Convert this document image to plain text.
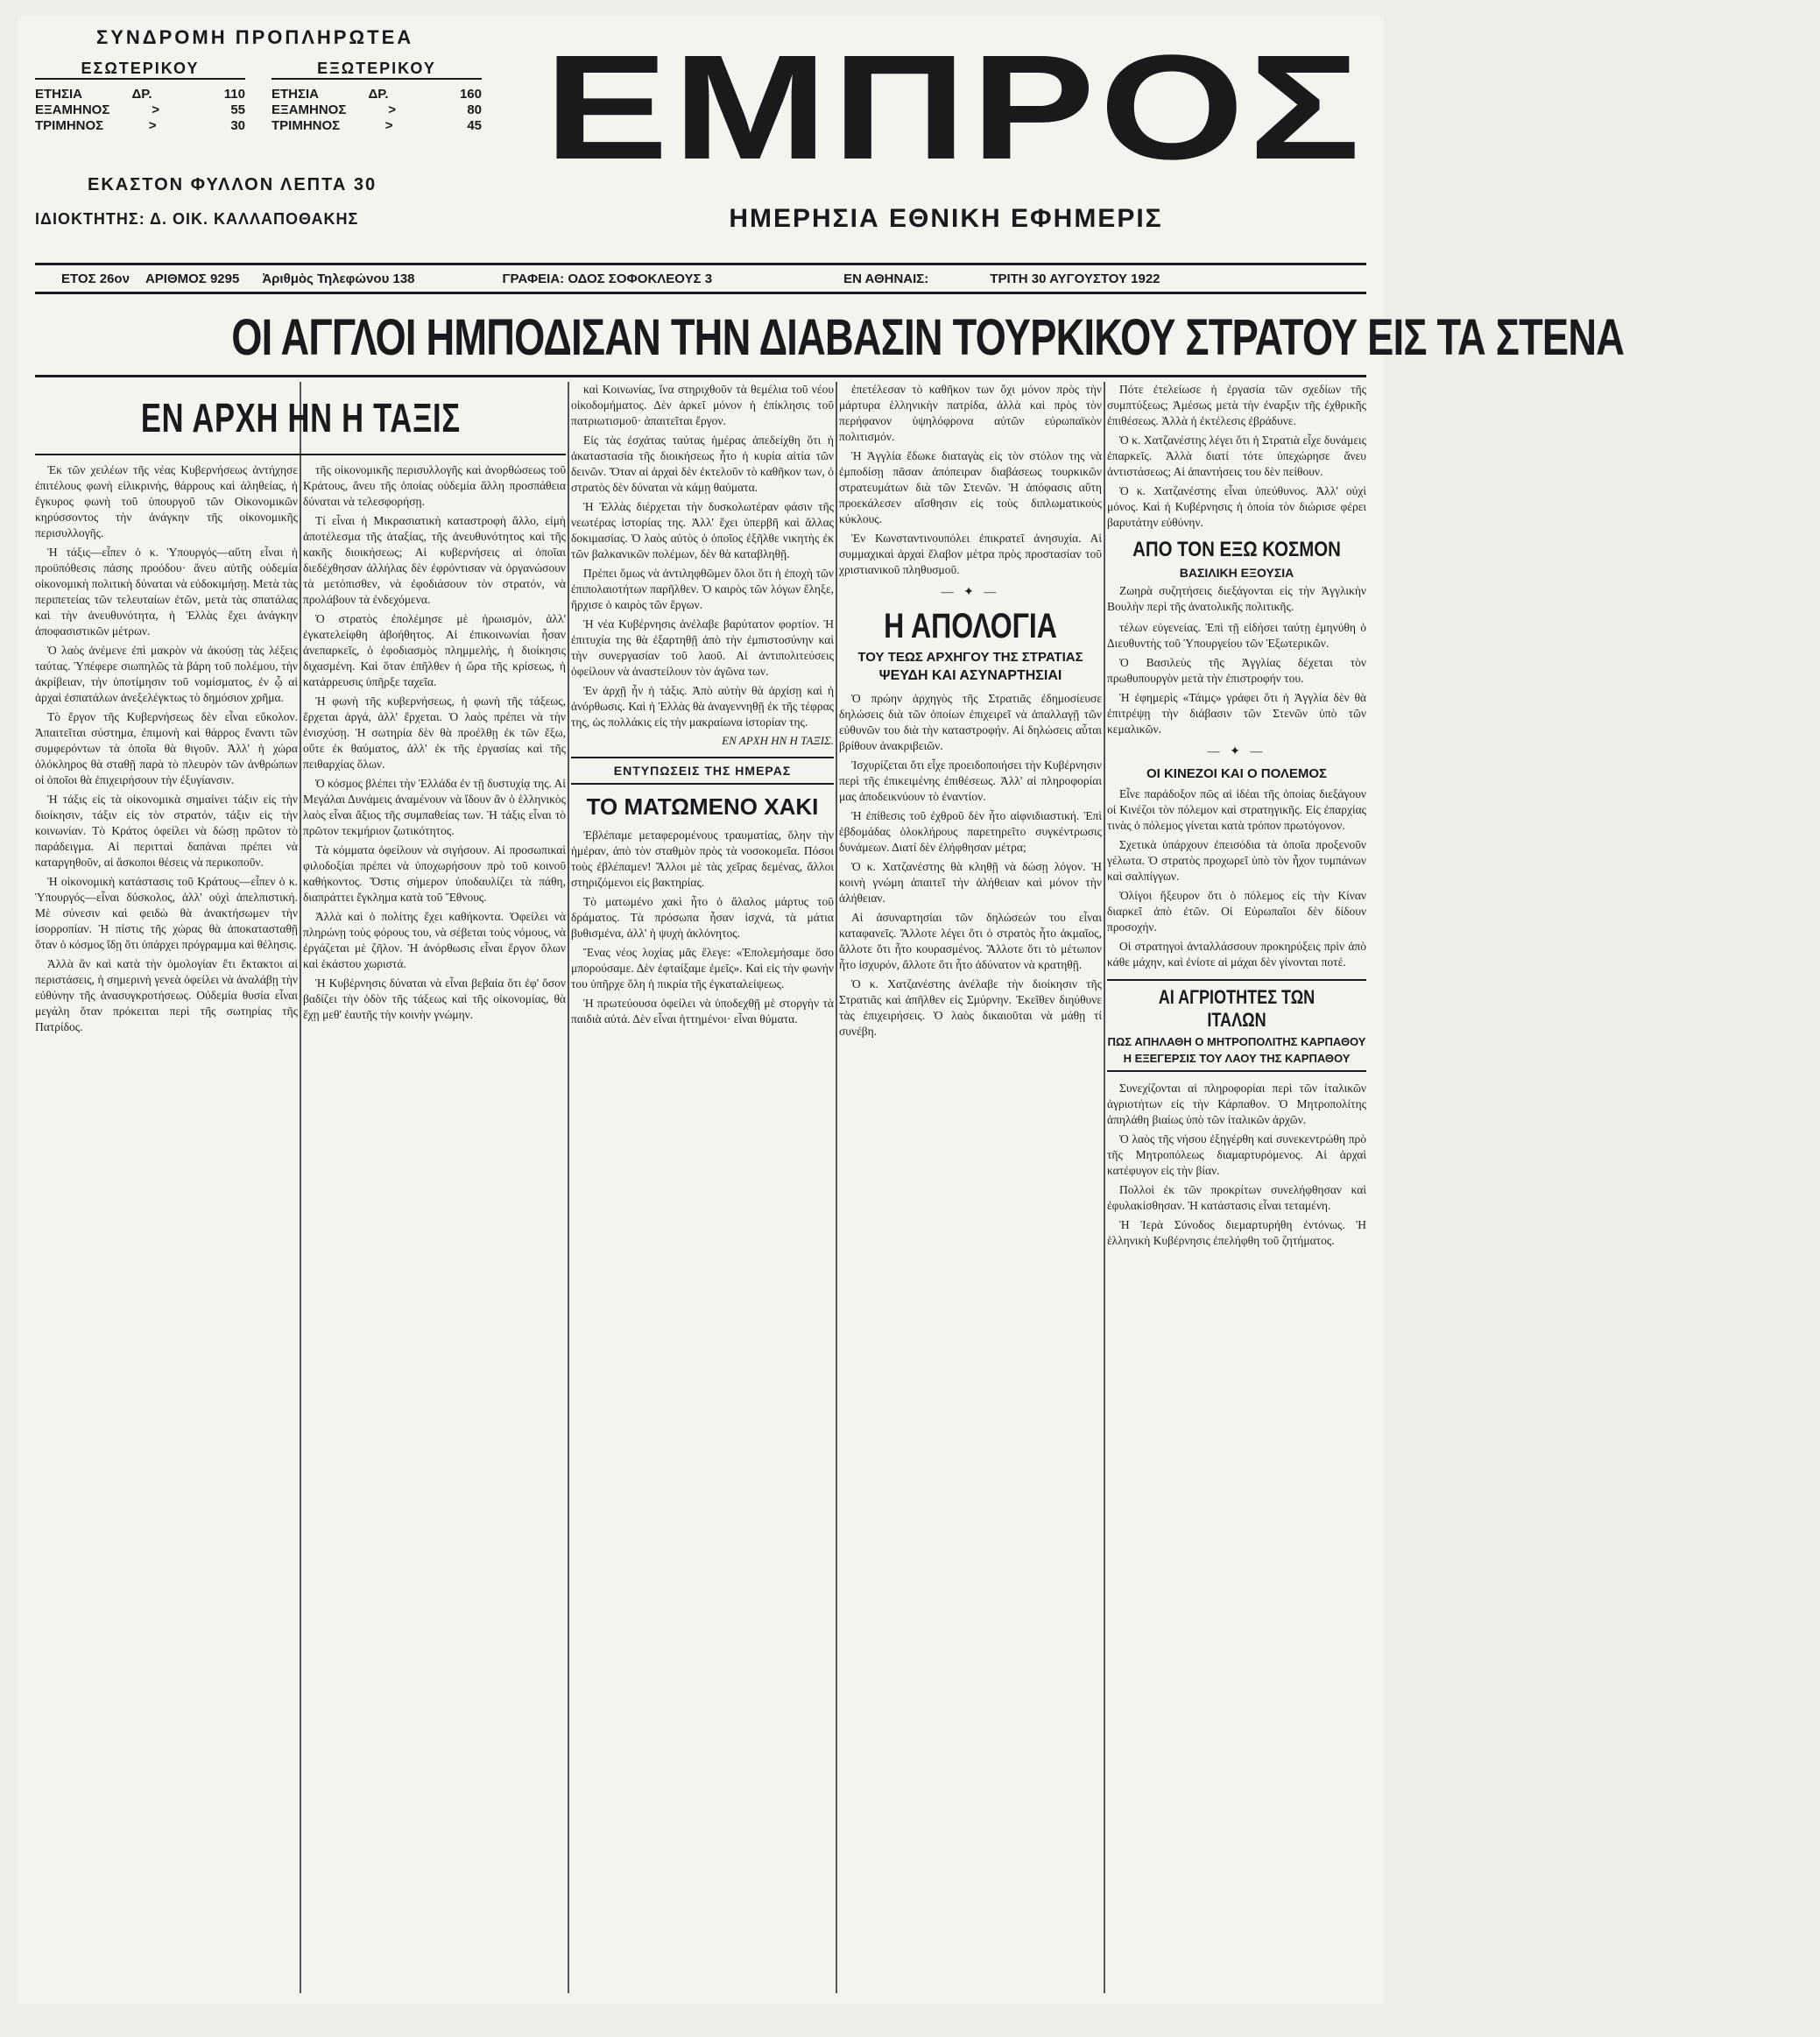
ΣΥΝΔΡΟΜΗ ΠΡΟΠΛΗΡΩΤΕΑ
ΕΣΩΤΕΡΙΚΟΥ
ΕΤΗΣΙΑ	ΔΡ.	110
ΕΞΑΜΗΝΟΣ	>	55
ΤΡΙΜΗΝΟΣ	>	30
ΕΞΩΤΕΡΙΚΟΥ
ΕΤΗΣΙΑ	ΔΡ.	160
ΕΞΑΜΗΝΟΣ	>	80
ΤΡΙΜΗΝΟΣ	>	45
ΕΚΑΣΤΟΝ ΦΥΛΛΟΝ ΛΕΠΤΑ 30
ΙΔΙΟΚΤΗΤΗΣ: Δ. ΟΙΚ. ΚΑΛΛΑΠΟΘΑΚΗΣ
ΕΜΠΡΟΣ
ΗΜΕΡΗΣΙΑ ΕΘΝΙΚΗ ΕΦΗΜΕΡΙΣ
ΕΤΟΣ 26ον ΑΡΙΘΜΟΣ 9295 Ἀριθμὸς Τηλεφώνου 138	ΓΡΑΦΕΙΑ: ΟΔΟΣ ΣΟΦΟΚΛΕΟΥΣ 3	ΕΝ ΑΘΗΝΑΙΣ:	ΤΡΙΤΗ 30 ΑΥΓΟΥΣΤΟΥ 1922
ΟΙ ΑΓΓΛΟΙ ΗΜΠΟΔΙΣΑΝ ΤΗΝ ΔΙΑΒΑΣΙΝ ΤΟΥΡΚΙΚΟΥ ΣΤΡΑΤΟΥ ΕΙΣ ΤΑ ΣΤΕΝΑ
ΕΝ ΑΡΧΗ ΗΝ Η ΤΑΞΙΣ

Ἐκ τῶν χειλέων τῆς νέας Κυβερνήσεως ἀντήχησε ἐπιτέλους φωνὴ εἰλικρινής, θάρρους καὶ ἀληθείας, ἡ ἔγκυρος φωνὴ τοῦ ὑπουργοῦ τῶν Οἰκονομικῶν κηρύσσοντος τὴν ἀνάγκην τῆς οἰκονομικῆς περισυλλογῆς.

Ἡ τάξις—εἶπεν ὁ κ. Ὑπουργός—αὕτη εἶναι ἡ προϋπόθεσις πάσης προόδου· ἄνευ αὐτῆς οὐδεμία οἰκονομικὴ πολιτικὴ δύναται νὰ εὐδοκιμήσῃ. Μετὰ τὰς περιπετείας τῶν τελευταίων ἐτῶν, μετὰ τὰς σπατάλας καὶ τὴν ἀνευθυνότητα, ἡ Ἑλλὰς ἔχει ἀνάγκην ἀποφασιστικῶν μέτρων.

Ὁ λαὸς ἀνέμενε ἐπὶ μακρὸν νὰ ἀκούσῃ τὰς λέξεις ταύτας. Ὑπέφερε σιωπηλῶς τὰ βάρη τοῦ πολέμου, τὴν ἀκρίβειαν, τὴν ὑποτίμησιν τοῦ νομίσματος, ἐν ᾧ αἱ ἀρχαὶ ἐσπατάλων ἀνεξελέγκτως τὸ δημόσιον χρῆμα.

Τὸ ἔργον τῆς Κυβερνήσεως δὲν εἶναι εὔκολον. Ἀπαιτεῖται σύστημα, ἐπιμονὴ καὶ θάρρος ἔναντι τῶν συμφερόντων τὰ ὁποῖα θὰ θιγοῦν. Ἀλλ' ἡ χώρα ὁλόκληρος θὰ σταθῇ παρὰ τὸ πλευρὸν τῶν ἀνθρώπων οἱ ὁποῖοι θὰ ἐπιχειρήσουν τὴν ἐξυγίανσιν.

Ἡ τάξις εἰς τὰ οἰκονομικὰ σημαίνει τάξιν εἰς τὴν διοίκησιν, τάξιν εἰς τὸν στρατόν, τάξιν εἰς τὴν κοινωνίαν. Τὸ Κράτος ὀφείλει νὰ δώσῃ πρῶτον τὸ παράδειγμα. Αἱ περιτταὶ δαπάναι πρέπει νὰ καταργηθοῦν, αἱ ἄσκοποι θέσεις νὰ περικοποῦν.

Ἡ οἰκονομικὴ κατάστασις τοῦ Κράτους—εἶπεν ὁ κ. Ὑπουργός—εἶναι δύσκολος, ἀλλ' οὐχὶ ἀπελπιστική. Μὲ σύνεσιν καὶ φειδὼ θὰ ἀνακτήσωμεν τὴν ἰσορροπίαν. Ἡ πίστις τῆς χώρας θὰ ἀποκατασταθῇ ὅταν ὁ κόσμος ἴδῃ ὅτι ὑπάρχει πρόγραμμα καὶ θέλησις.

Ἀλλὰ ἂν καὶ κατὰ τὴν ὁμολογίαν ἔτι ἔκτακτοι αἱ περιστάσεις, ἡ σημερινὴ γενεὰ ὀφείλει νὰ ἀναλάβῃ τὴν εὐθύνην τῆς ἀνασυγκροτήσεως. Οὐδεμία θυσία εἶναι μεγάλη ὅταν πρόκειται περὶ τῆς σωτηρίας τῆς Πατρίδος.

τῆς οἰκονομικῆς περισυλλογῆς καὶ ἀνορθώσεως τοῦ Κράτους, ἄνευ τῆς ὁποίας οὐδεμία ἄλλη προσπάθεια δύναται νὰ τελεσφορήσῃ.

Τί εἶναι ἡ Μικρασιατικὴ καταστροφὴ ἄλλο, εἰμὴ ἀποτέλεσμα τῆς ἀταξίας, τῆς ἀνευθυνότητος καὶ τῆς κακῆς διοικήσεως; Αἱ κυβερνήσεις αἱ ὁποῖαι διεδέχθησαν ἀλλήλας δὲν ἐφρόντισαν νὰ ὀργανώσουν τὰ μετόπισθεν, νὰ ἐφοδιάσουν τὸν στρατόν, νὰ προλάβουν τὰ ἐνδεχόμενα.

Ὁ στρατὸς ἐπολέμησε μὲ ἡρωισμόν, ἀλλ' ἐγκατελείφθη ἀβοήθητος. Αἱ ἐπικοινωνίαι ἦσαν ἀνεπαρκεῖς, ὁ ἐφοδιασμὸς πλημμελής, ἡ διοίκησις διχασμένη. Καὶ ὅταν ἐπῆλθεν ἡ ὥρα τῆς κρίσεως, ἡ κατάρρευσις ὑπῆρξε ταχεῖα.

Ἡ φωνὴ τῆς κυβερνήσεως, ἡ φωνὴ τῆς τάξεως, ἔρχεται ἀργά, ἀλλ' ἔρχεται. Ὁ λαὸς πρέπει νὰ τὴν ἐνισχύσῃ. Ἡ σωτηρία δὲν θὰ προέλθῃ ἐκ τῶν ἔξω, οὔτε ἐκ θαύματος, ἀλλ' ἐκ τῆς ἐργασίας καὶ τῆς πειθαρχίας ὅλων.

Ὁ κόσμος βλέπει τὴν Ἑλλάδα ἐν τῇ δυστυχίᾳ της. Αἱ Μεγάλαι Δυνάμεις ἀναμένουν νὰ ἴδουν ἂν ὁ ἑλληνικὸς λαὸς εἶναι ἄξιος τῆς συμπαθείας των. Ἡ τάξις εἶναι τὸ πρῶτον τεκμήριον ζωτικότητος.

Τὰ κόμματα ὀφείλουν νὰ σιγήσουν. Αἱ προσωπικαὶ φιλοδοξίαι πρέπει νὰ ὑποχωρήσουν πρὸ τοῦ κοινοῦ καθήκοντος. Ὅστις σήμερον ὑποδαυλίζει τὰ πάθη, διαπράττει ἔγκλημα κατὰ τοῦ Ἔθνους.

Ἀλλὰ καὶ ὁ πολίτης ἔχει καθήκοντα. Ὀφείλει νὰ πληρώνῃ τοὺς φόρους του, νὰ σέβεται τοὺς νόμους, νὰ ἐργάζεται μὲ ζῆλον. Ἡ ἀνόρθωσις εἶναι ἔργον ὅλων καὶ ἑκάστου χωριστά.

Ἡ Κυβέρνησις δύναται νὰ εἶναι βεβαία ὅτι ἐφ' ὅσον βαδίζει τὴν ὁδὸν τῆς τάξεως καὶ τῆς οἰκονομίας, θὰ ἔχῃ μεθ' ἑαυτῆς τὴν κοινὴν γνώμην.

καὶ Κοινωνίας, ἵνα στηριχθοῦν τὰ θεμέλια τοῦ νέου οἰκοδομήματος. Δὲν ἀρκεῖ μόνον ἡ ἐπίκλησις τοῦ πατριωτισμοῦ· ἀπαιτεῖται ἔργον.

Εἰς τὰς ἐσχάτας ταύτας ἡμέρας ἀπεδείχθη ὅτι ἡ ἀκαταστασία τῆς διοικήσεως ἦτο ἡ κυρία αἰτία τῶν δεινῶν. Ὅταν αἱ ἀρχαὶ δὲν ἐκτελοῦν τὸ καθῆκον των, ὁ στρατὸς δὲν δύναται νὰ κάμῃ θαύματα.

Ἡ Ἑλλὰς διέρχεται τὴν δυσκολωτέραν φάσιν τῆς νεωτέρας ἱστορίας της. Ἀλλ' ἔχει ὑπερβῆ καὶ ἄλλας δοκιμασίας. Ὁ λαὸς αὐτὸς ὁ ὁποῖος ἐξῆλθε νικητὴς ἐκ τῶν βαλκανικῶν πολέμων, δὲν θὰ καταβληθῇ.

Πρέπει ὅμως νὰ ἀντιληφθῶμεν ὅλοι ὅτι ἡ ἐποχὴ τῶν ἐπιπολαιοτήτων παρῆλθεν. Ὁ καιρὸς τῶν λόγων ἔληξε, ἤρχισε ὁ καιρὸς τῶν ἔργων.

Ἡ νέα Κυβέρνησις ἀνέλαβε βαρύτατον φορτίον. Ἡ ἐπιτυχία της θὰ ἐξαρτηθῇ ἀπὸ τὴν ἐμπιστοσύνην καὶ τὴν συνεργασίαν τοῦ λαοῦ. Αἱ ἀντιπολιτεύσεις ὀφείλουν νὰ ἀναστείλουν τὸν ἀγῶνα των.

Ἐν ἀρχῇ ἦν ἡ τάξις. Ἀπὸ αὐτὴν θὰ ἀρχίσῃ καὶ ἡ ἀνόρθωσις. Καὶ ἡ Ἑλλὰς θὰ ἀναγεννηθῇ ἐκ τῆς τέφρας της, ὡς πολλάκις εἰς τὴν μακραίωνα ἱστορίαν της.

ΕΝ ΑΡΧΗ ΗΝ Η ΤΑΞΙΣ.
ΕΝΤΥΠΩΣΕΙΣ ΤΗΣ ΗΜΕΡΑΣ
ΤΟ ΜΑΤΩΜΕΝΟ ΧΑΚΙ

Ἐβλέπαμε μεταφερομένους τραυματίας, ὅλην τὴν ἡμέραν, ἀπὸ τὸν σταθμὸν πρὸς τὰ νοσοκομεῖα. Πόσοι τοὺς ἐβλέπαμεν! Ἄλλοι μὲ τὰς χεῖρας δεμένας, ἄλλοι στηριζόμενοι εἰς βακτηρίας.

Τὸ ματωμένο χακὶ ἦτο ὁ ἄλαλος μάρτυς τοῦ δράματος. Τὰ πρόσωπα ἦσαν ἰσχνά, τὰ μάτια βυθισμένα, ἀλλ' ἡ ψυχὴ ἀκλόνητος.

Ἕνας νέος λοχίας μᾶς ἔλεγε: «Ἐπολεμήσαμε ὅσο μπορούσαμε. Δὲν ἐφταίξαμε ἐμεῖς». Καὶ εἰς τὴν φωνήν του ὑπῆρχε ὅλη ἡ πικρία τῆς ἐγκαταλείψεως.

Ἡ πρωτεύουσα ὀφείλει νὰ ὑποδεχθῇ μὲ στοργὴν τὰ παιδιὰ αὐτά. Δὲν εἶναι ἡττημένοι· εἶναι θύματα.

ἐπετέλεσαν τὸ καθῆκον των ὄχι μόνον πρὸς τὴν μάρτυρα ἑλληνικὴν πατρίδα, ἀλλὰ καὶ πρὸς τὸν περήφανον ὑψηλόφρονα αὐτῶν εὐρωπαϊκὸν πολιτισμόν.

Ἡ Ἀγγλία ἔδωκε διαταγὰς εἰς τὸν στόλον της νὰ ἐμποδίσῃ πᾶσαν ἀπόπειραν διαβάσεως τουρκικῶν στρατευμάτων διὰ τῶν Στενῶν. Ἡ ἀπόφασις αὕτη προεκάλεσεν αἴσθησιν εἰς τοὺς διπλωματικοὺς κύκλους.

Ἐν Κωνσταντινουπόλει ἐπικρατεῖ ἀνησυχία. Αἱ συμμαχικαὶ ἀρχαὶ ἔλαβον μέτρα πρὸς προστασίαν τοῦ χριστιανικοῦ πληθυσμοῦ.

— ✦ —
Η ΑΠΟΛΟΓΙΑ
ΤΟΥ ΤΕΩΣ ΑΡΧΗΓΟΥ ΤΗΣ ΣΤΡΑΤΙΑΣ
ΨΕΥΔΗ ΚΑΙ ΑΣΥΝΑΡΤΗΣΙΑΙ

Ὁ πρώην ἀρχηγὸς τῆς Στρατιᾶς ἐδημοσίευσε δηλώσεις διὰ τῶν ὁποίων ἐπιχειρεῖ νὰ ἀπαλλαγῇ τῶν εὐθυνῶν του διὰ τὴν καταστροφήν. Αἱ δηλώσεις αὗται βρίθουν ἀνακριβειῶν.

Ἰσχυρίζεται ὅτι εἶχε προειδοποιήσει τὴν Κυβέρνησιν περὶ τῆς ἐπικειμένης ἐπιθέσεως. Ἀλλ' αἱ πληροφορίαι μας ἀποδεικνύουν τὸ ἐναντίον.

Ἡ ἐπίθεσις τοῦ ἐχθροῦ δὲν ἦτο αἰφνιδιαστική. Ἐπὶ ἑβδομάδας ὁλοκλήρους παρετηρεῖτο συγκέντρωσις δυνάμεων. Διατί δὲν ἐλήφθησαν μέτρα;

Ὁ κ. Χατζανέστης θὰ κληθῇ νὰ δώσῃ λόγον. Ἡ κοινὴ γνώμη ἀπαιτεῖ τὴν ἀλήθειαν καὶ μόνον τὴν ἀλήθειαν.

Αἱ ἀσυναρτησίαι τῶν δηλώσεών του εἶναι καταφανεῖς. Ἄλλοτε λέγει ὅτι ὁ στρατὸς ἦτο ἀκμαῖος, ἄλλοτε ὅτι ἦτο κουρασμένος. Ἄλλοτε ὅτι τὸ μέτωπον ἦτο ἰσχυρόν, ἄλλοτε ὅτι ἦτο ἀδύνατον νὰ κρατηθῇ.

Ὁ κ. Χατζανέστης ἀνέλαβε τὴν διοίκησιν τῆς Στρατιᾶς καὶ ἀπῆλθεν εἰς Σμύρνην. Ἐκεῖθεν διηύθυνε τὰς ἐπιχειρήσεις. Ὁ λαὸς δικαιοῦται νὰ μάθῃ τί συνέβη.

Πότε ἐτελείωσε ἡ ἐργασία τῶν σχεδίων τῆς συμπτύξεως; Ἀμέσως μετὰ τὴν ἐναρξιν τῆς ἐχθρικῆς ἐπιθέσεως. Ἀλλὰ ἡ ἐκτέλεσις ἐβράδυνε.

Ὁ κ. Χατζανέστης λέγει ὅτι ἡ Στρατιὰ εἶχε δυνάμεις ἐπαρκεῖς. Ἀλλὰ διατί τότε ὑπεχώρησε ἄνευ ἀντιστάσεως; Αἱ ἀπαντήσεις του δὲν πείθουν.

Ὁ κ. Χατζανέστης εἶναι ὑπεύθυνος. Ἀλλ' οὐχὶ μόνος. Καὶ ἡ Κυβέρνησις ἡ ὁποία τὸν διώρισε φέρει βαρυτάτην εὐθύνην.

ΑΠΟ ΤΟΝ ΕΞΩ ΚΟΣΜΟΝ
ΒΑΣΙΛΙΚΗ ΕΞΟΥΣΙΑ

Ζωηρὰ συζητήσεις διεξάγονται εἰς τὴν Ἀγγλικὴν Βουλὴν περὶ τῆς ἀνατολικῆς πολιτικῆς.

τέλων εὐγενείας. Ἐπὶ τῇ εἰδήσει ταύτῃ ἐμηνύθη ὁ Διευθυντὴς τοῦ Ὑπουργείου τῶν Ἐξωτερικῶν.

Ὁ Βασιλεὺς τῆς Ἀγγλίας δέχεται τὸν πρωθυπουργὸν μετὰ τὴν ἐπιστροφήν του.

Ἡ ἐφημερὶς «Τάιμς» γράφει ὅτι ἡ Ἀγγλία δὲν θὰ ἐπιτρέψῃ τὴν διάβασιν τῶν Στενῶν ὑπὸ τῶν κεμαλικῶν.

— ✦ —
ΟΙ ΚΙΝΕΖΟΙ ΚΑΙ Ο ΠΟΛΕΜΟΣ

Εἶνε παράδοξον πῶς αἱ ἰδέαι τῆς ὁποίας διεξάγουν οἱ Κινέζοι τὸν πόλεμον καὶ στρατηγικῆς. Εἰς ἐπαρχίας τινὰς ὁ πόλεμος γίνεται κατὰ τρόπον πρωτόγονον.

Σχετικὰ ὑπάρχουν ἐπεισόδια τὰ ὁποῖα προξενοῦν γέλωτα. Ὁ στρατὸς προχωρεῖ ὑπὸ τὸν ἦχον τυμπάνων καὶ σαλπίγγων.

Ὀλίγοι ἤξευρον ὅτι ὁ πόλεμος εἰς τὴν Κίναν διαρκεῖ ἀπὸ ἐτῶν. Οἱ Εὐρωπαῖοι δὲν δίδουν προσοχήν.

Οἱ στρατηγοὶ ἀνταλλάσσουν προκηρύξεις πρὶν ἀπὸ κάθε μάχην, καὶ ἐνίοτε αἱ μάχαι δὲν γίνονται ποτέ.

ΑΙ ΑΓΡΙΟΤΗΤΕΣ ΤΩΝ ΙΤΑΛΩΝ
ΠΩΣ ΑΠΗΛΑΘΗ Ο ΜΗΤΡΟΠΟΛΙΤΗΣ ΚΑΡΠΑΘΟΥ
Η ΕΞΕΓΕΡΣΙΣ ΤΟΥ ΛΑΟΥ ΤΗΣ ΚΑΡΠΑΘΟΥ

Συνεχίζονται αἱ πληροφορίαι περὶ τῶν ἰταλικῶν ἀγριοτήτων εἰς τὴν Κάρπαθον. Ὁ Μητροπολίτης ἀπηλάθη βιαίως ὑπὸ τῶν ἰταλικῶν ἀρχῶν.

Ὁ λαὸς τῆς νήσου ἐξηγέρθη καὶ συνεκεντρώθη πρὸ τῆς Μητροπόλεως διαμαρτυρόμενος. Αἱ ἀρχαὶ κατέφυγον εἰς τὴν βίαν.

Πολλοὶ ἐκ τῶν προκρίτων συνελήφθησαν καὶ ἐφυλακίσθησαν. Ἡ κατάστασις εἶναι τεταμένη.

Ἡ Ἱερὰ Σύνοδος διεμαρτυρήθη ἐντόνως. Ἡ ἑλληνικὴ Κυβέρνησις ἐπελήφθη τοῦ ζητήματος.
